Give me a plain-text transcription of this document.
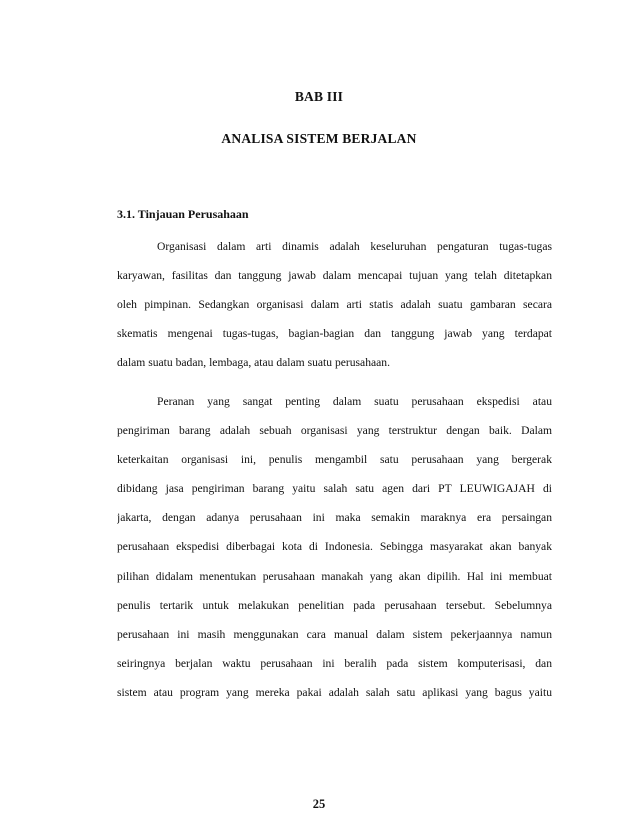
BAB III
ANALISA SISTEM BERJALAN
3.1. Tinjauan Perusahaan
Organisasi dalam arti dinamis adalah keseluruhan pengaturan tugas-tugas
karyawan, fasilitas dan tanggung jawab dalam mencapai tujuan yang telah ditetapkan
oleh pimpinan. Sedangkan organisasi dalam arti statis adalah suatu gambaran secara
skematis mengenai tugas-tugas, bagian-bagian dan tanggung jawab yang terdapat
dalam suatu badan, lembaga, atau dalam suatu perusahaan.
Peranan yang sangat penting dalam suatu perusahaan ekspedisi atau
pengiriman barang adalah sebuah organisasi yang terstruktur dengan baik. Dalam
keterkaitan organisasi ini, penulis mengambil satu perusahaan yang bergerak
dibidang jasa pengiriman barang yaitu salah satu agen dari PT LEUWIGAJAH di
jakarta, dengan adanya perusahaan ini maka semakin maraknya era persaingan
perusahaan ekspedisi diberbagai kota di Indonesia. Sebingga masyarakat akan banyak
pilihan didalam menentukan perusahaan manakah yang akan dipilih. Hal ini membuat
penulis tertarik untuk melakukan penelitian pada perusahaan tersebut. Sebelumnya
perusahaan ini masih menggunakan cara manual dalam sistem pekerjaannya namun
seiringnya berjalan waktu perusahaan ini beralih pada sistem komputerisasi, dan
sistem atau program yang mereka pakai adalah salah satu aplikasi yang bagus yaitu
25
